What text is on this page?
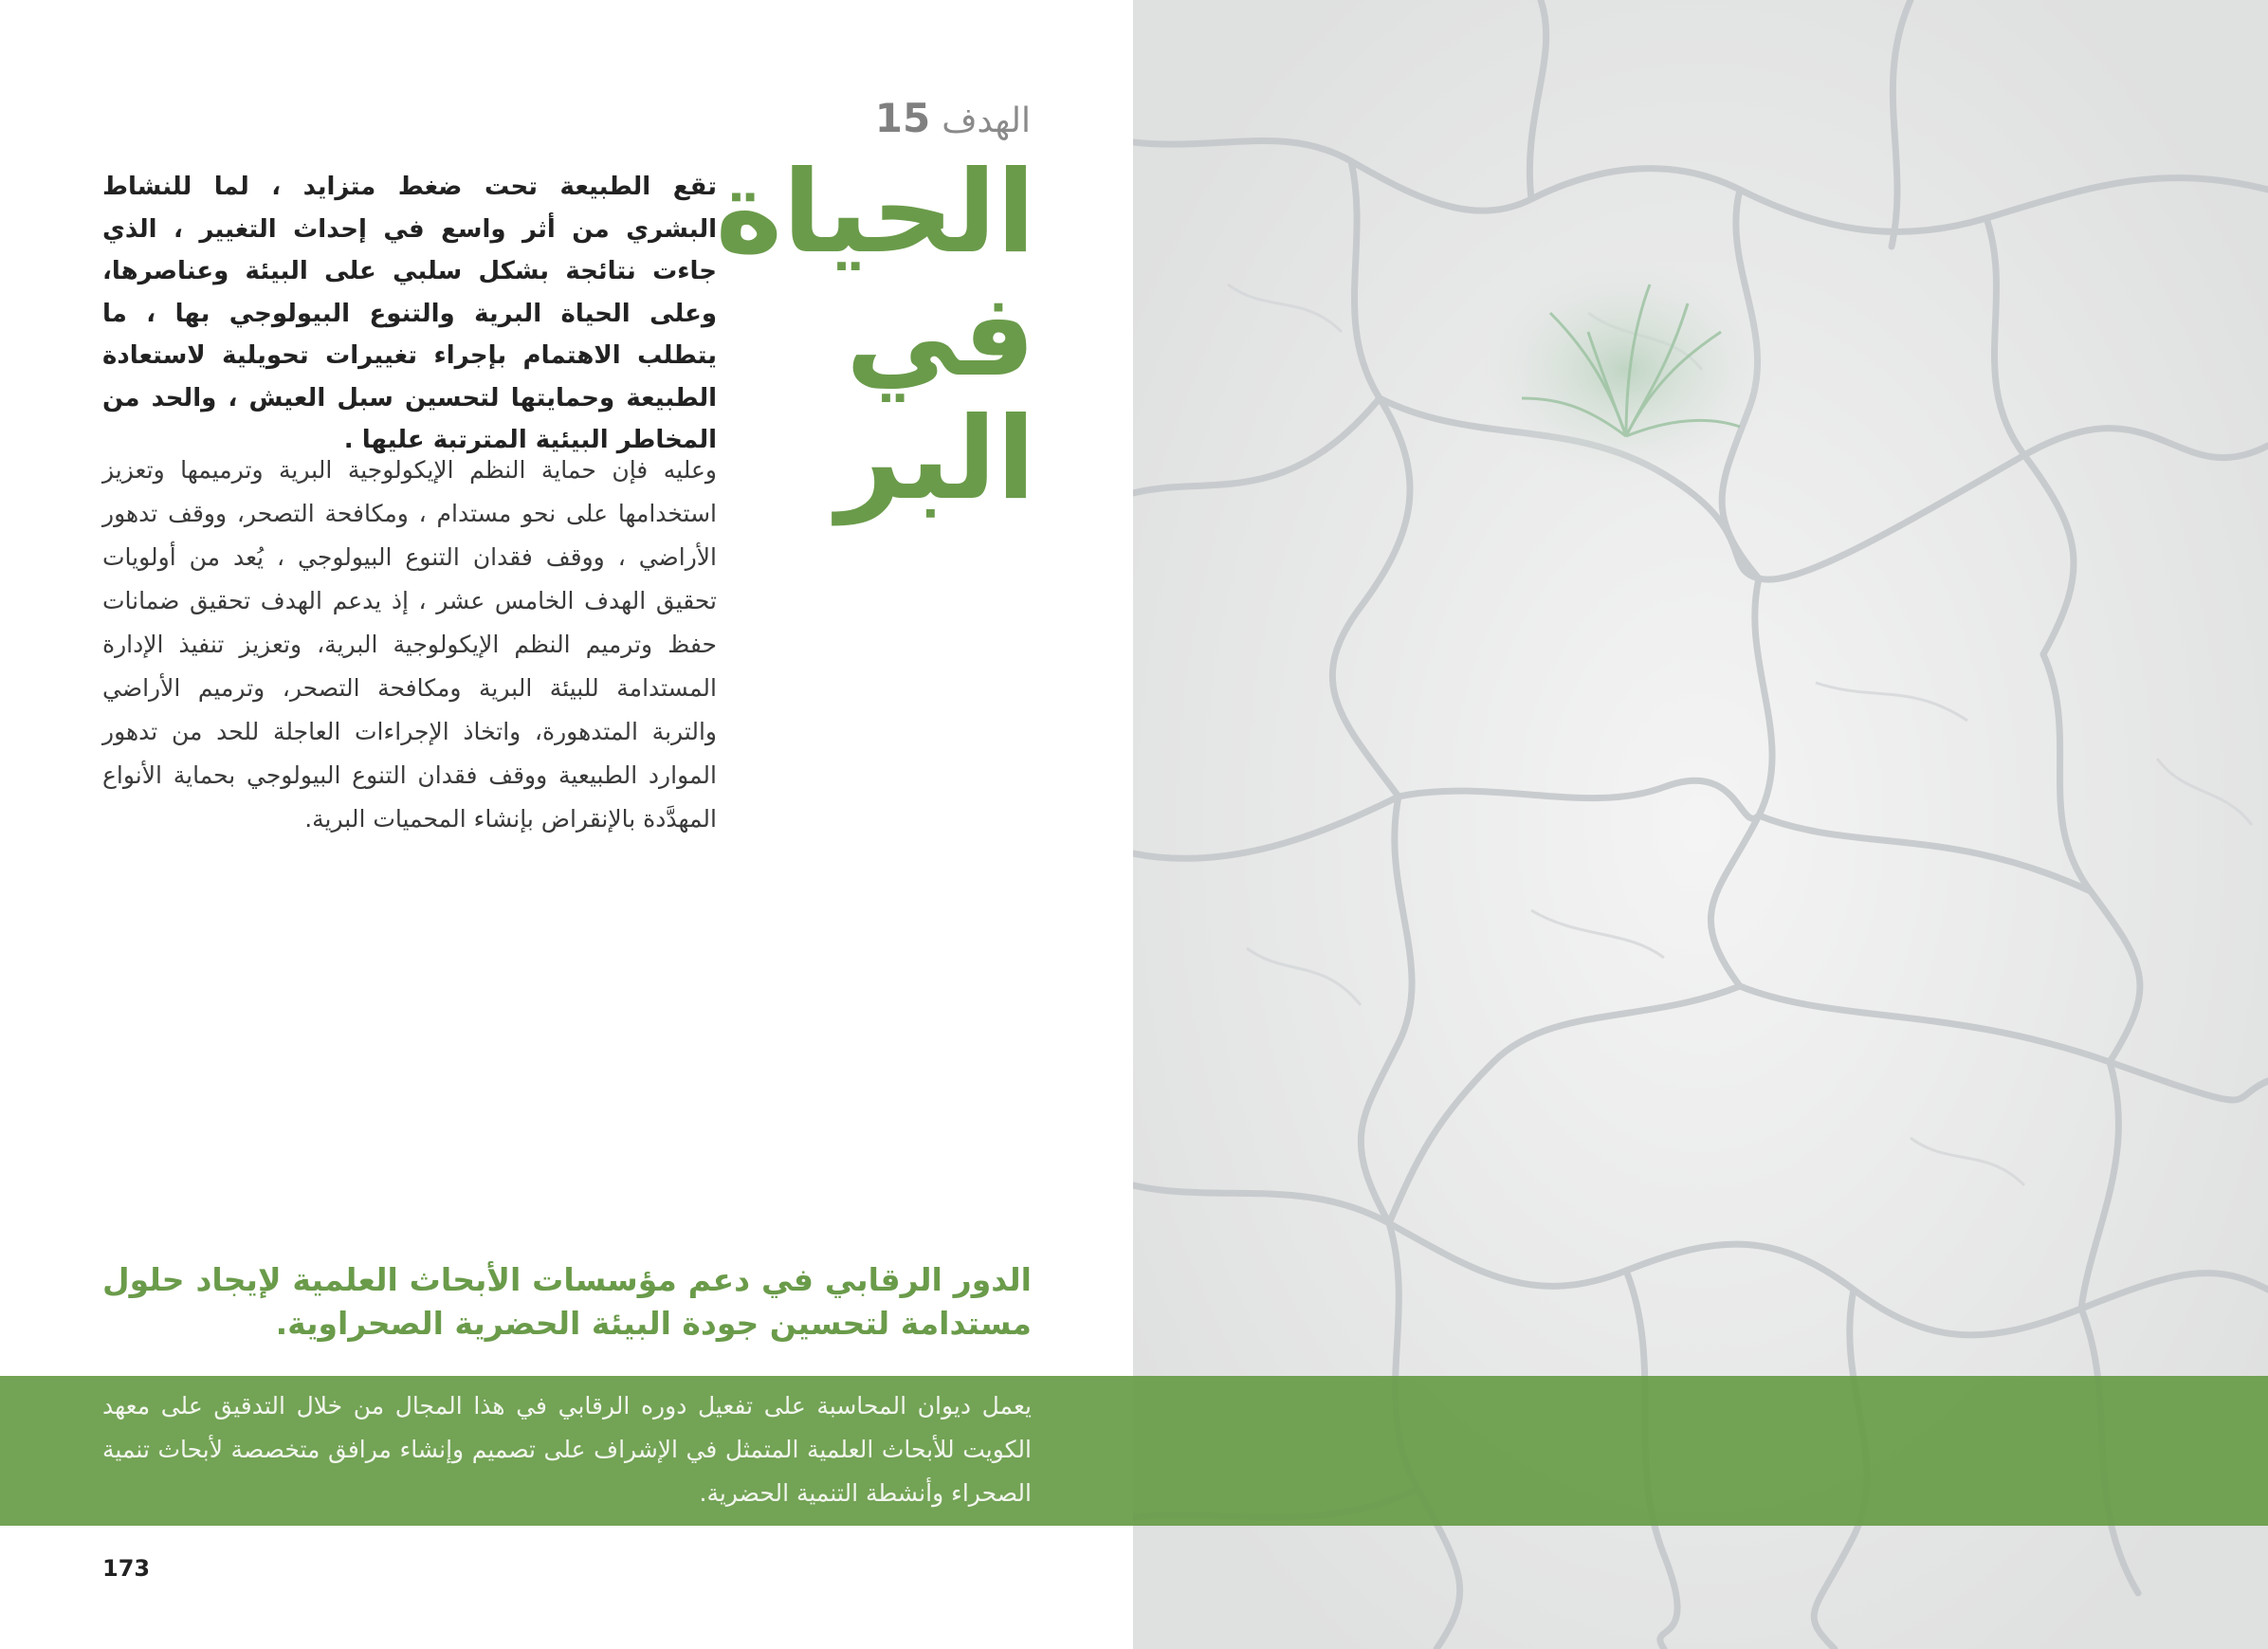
الهدف
15
الحياة
في البر
تقع الطبيعة تحت ضغط متزايد ، لما للنشاط البشري من أثر واسع في إحداث التغيير ، الذي جاءت نتائجة بشكل سلبي على البيئة وعناصرها، وعلى الحياة البرية والتنوع البيولوجي بها ، ما يتطلب الاهتمام بإجراء تغييرات تحويلية لاستعادة الطبيعة وحمايتها لتحسين سبل العيش ، والحد من المخاطر البيئية المترتبة عليها .
وعليه فإن حماية النظم الإيكولوجية البرية وترميمها وتعزيز استخدامها على نحو مستدام ، ومكافحة التصحر، ووقف تدهور الأراضي ، ووقف فقدان التنوع البيولوجي ، يُعد من أولويات تحقيق الهدف الخامس عشر ، إذ يدعم الهدف تحقيق ضمانات حفظ وترميم النظم الإيكولوجية البرية، وتعزيز تنفيذ الإدارة المستدامة للبيئة البرية ومكافحة التصحر، وترميم الأراضي والتربة المتدهورة، واتخاذ الإجراءات العاجلة للحد من تدهور الموارد الطبيعية ووقف فقدان التنوع البيولوجي بحماية الأنواع المهدَّدة بالإنقراض بإنشاء المحميات البرية.
الدور الرقابي في دعم مؤسسات الأبحاث العلمية لإيجاد حلول مستدامة لتحسين جودة البيئة الحضرية الصحراوية.
يعمل ديوان المحاسبة على تفعيل دوره الرقابي في هذا المجال من خلال التدقيق على معهد الكويت للأبحاث العلمية المتمثل في الإشراف على تصميم وإنشاء مرافق متخصصة لأبحاث تنمية الصحراء وأنشطة التنمية الحضرية.
173
